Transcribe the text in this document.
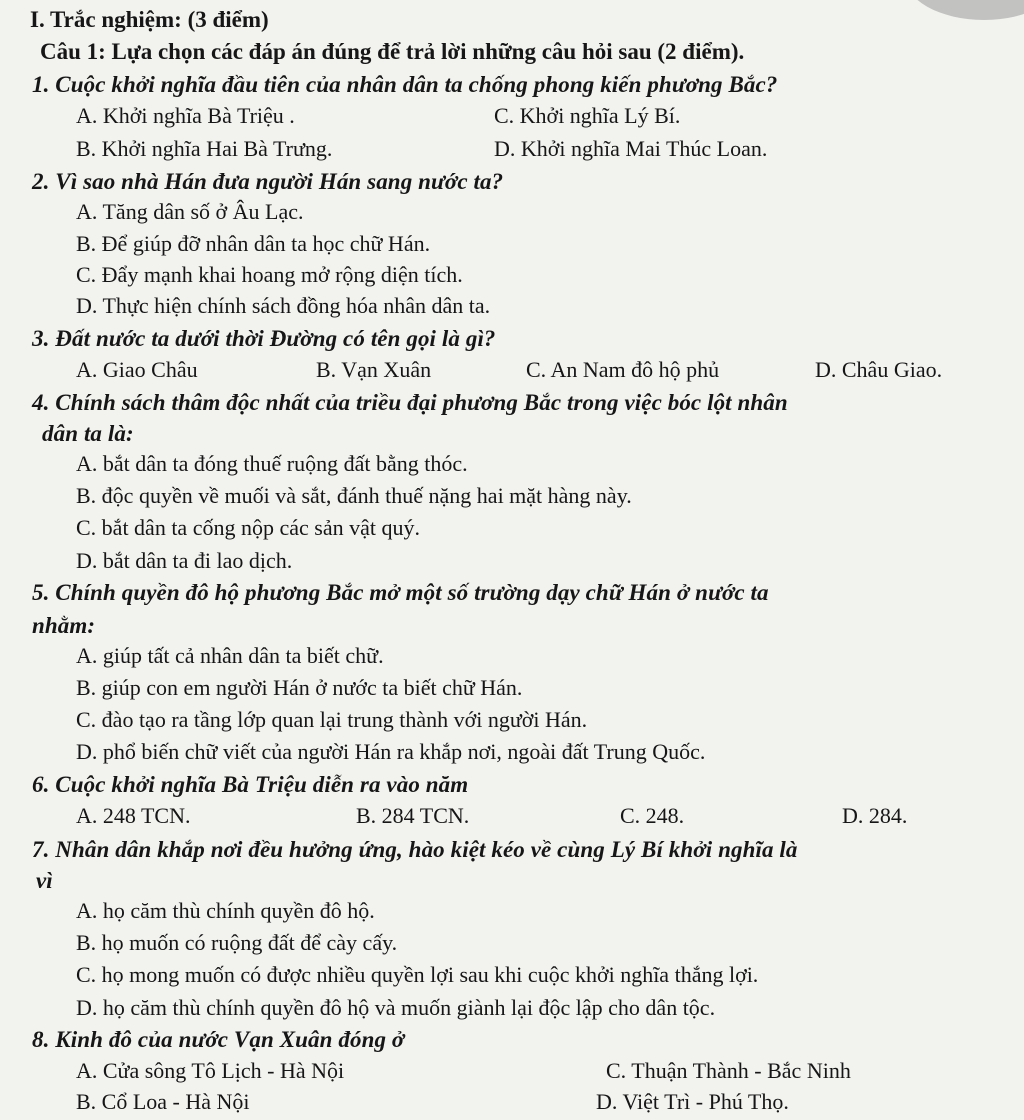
I. Trắc nghiệm: (3 điểm)
Câu 1: Lựa chọn các đáp án đúng để trả lời những câu hỏi sau (2 điểm).
1. Cuộc khởi nghĩa đầu tiên của nhân dân ta chống phong kiến phương Bắc?
A. Khởi nghĩa Bà Triệu .	C. Khởi nghĩa Lý Bí.
B. Khởi nghĩa Hai Bà Trưng.	D. Khởi nghĩa Mai Thúc Loan.
2. Vì sao nhà Hán đưa người Hán sang nước ta?
A. Tăng dân số ở Âu Lạc.
B. Để giúp đỡ nhân dân ta học chữ Hán.
C. Đẩy mạnh khai hoang mở rộng diện tích.
D. Thực hiện chính sách đồng hóa nhân dân ta.
3. Đất nước ta dưới thời Đường có tên gọi là gì?
A. Giao Châu	B. Vạn Xuân	C. An Nam đô hộ phủ	D. Châu Giao.
4. Chính sách thâm độc nhất của triều đại phương Bắc trong việc bóc lột nhân
dân ta là:
A. bắt dân ta đóng thuế ruộng đất bằng thóc.
B. độc quyền về muối và sắt, đánh thuế nặng hai mặt hàng này.
C. bắt dân ta cống nộp các sản vật quý.
D. bắt dân ta đi lao dịch.
5. Chính quyền đô hộ phương Bắc mở một số trường dạy chữ Hán ở nước ta
nhằm:
A. giúp tất cả nhân dân ta biết chữ.
B. giúp con em người Hán ở nước ta biết chữ Hán.
C. đào tạo ra tầng lớp quan lại trung thành với người Hán.
D. phổ biến chữ viết của người Hán ra khắp nơi, ngoài đất Trung Quốc.
6. Cuộc khởi nghĩa Bà Triệu diễn ra vào năm
A. 248 TCN.	B. 284 TCN.	C. 248.	D. 284.
7. Nhân dân khắp nơi đều hưởng ứng, hào kiệt kéo về cùng Lý Bí khởi nghĩa là
vì
A. họ căm thù chính quyền đô hộ.
B. họ muốn có ruộng đất để cày cấy.
C. họ mong muốn có được nhiều quyền lợi sau khi cuộc khởi nghĩa thắng lợi.
D. họ căm thù chính quyền đô hộ và muốn giành lại độc lập cho dân tộc.
8. Kinh đô của nước Vạn Xuân đóng ở
A. Cửa sông Tô Lịch - Hà Nội	C. Thuận Thành - Bắc Ninh
B. Cổ Loa - Hà Nội	D. Việt Trì - Phú Thọ.
